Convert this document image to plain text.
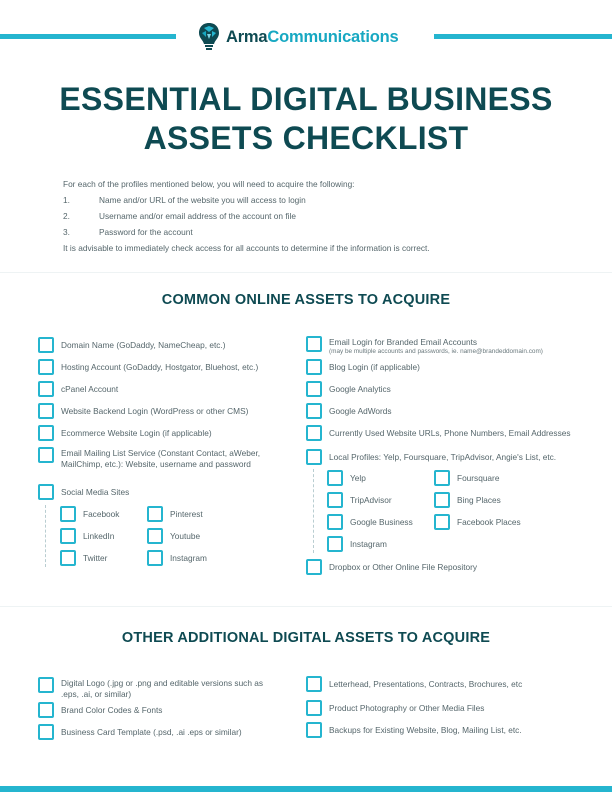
ArmaCommunications
ESSENTIAL DIGITAL BUSINESS
ASSETS CHECKLIST
For each of the profiles mentioned below, you will need to acquire the following:
1.	Name and/or URL of the website you will access to login
2.	Username and/or email address of the account on file
3.	Password for the account
It is advisable to immediately check access for all accounts to determine if the information is correct.
COMMON ONLINE ASSETS TO ACQUIRE
Domain Name (GoDaddy, NameCheap, etc.)
Hosting Account (GoDaddy, Hostgator, Bluehost, etc.)
cPanel Account
Website Backend Login (WordPress or other CMS)
Ecommerce Website Login (if applicable)
Email Mailing List Service (Constant Contact, aWeber,
MailChimp, etc.): Website, username and password
Social Media Sites
Facebook	Pinterest
LinkedIn	Youtube
Twitter	Instagram
Email Login for Branded Email Accounts
(may be multiple accounts and passwords, ie. name@brandeddomain.com)
Blog Login (if applicable)
Google Analytics
Google AdWords
Currently Used Website URLs, Phone Numbers, Email Addresses
Local Profiles: Yelp, Foursquare, TripAdvisor, Angie's List, etc.
Yelp	Foursquare
TripAdvisor	Bing Places
Google Business	Facebook Places
Instagram
Dropbox or Other Online File Repository
OTHER ADDITIONAL DIGITAL ASSETS TO ACQUIRE
Digital Logo (.jpg or .png and editable versions such as
.eps, .ai, or similar)
Brand Color Codes & Fonts
Business Card Template (.psd, .ai .eps or similar)
Letterhead, Presentations, Contracts, Brochures, etc
Product Photography or Other Media Files
Backups for Existing Website, Blog, Mailing List, etc.
